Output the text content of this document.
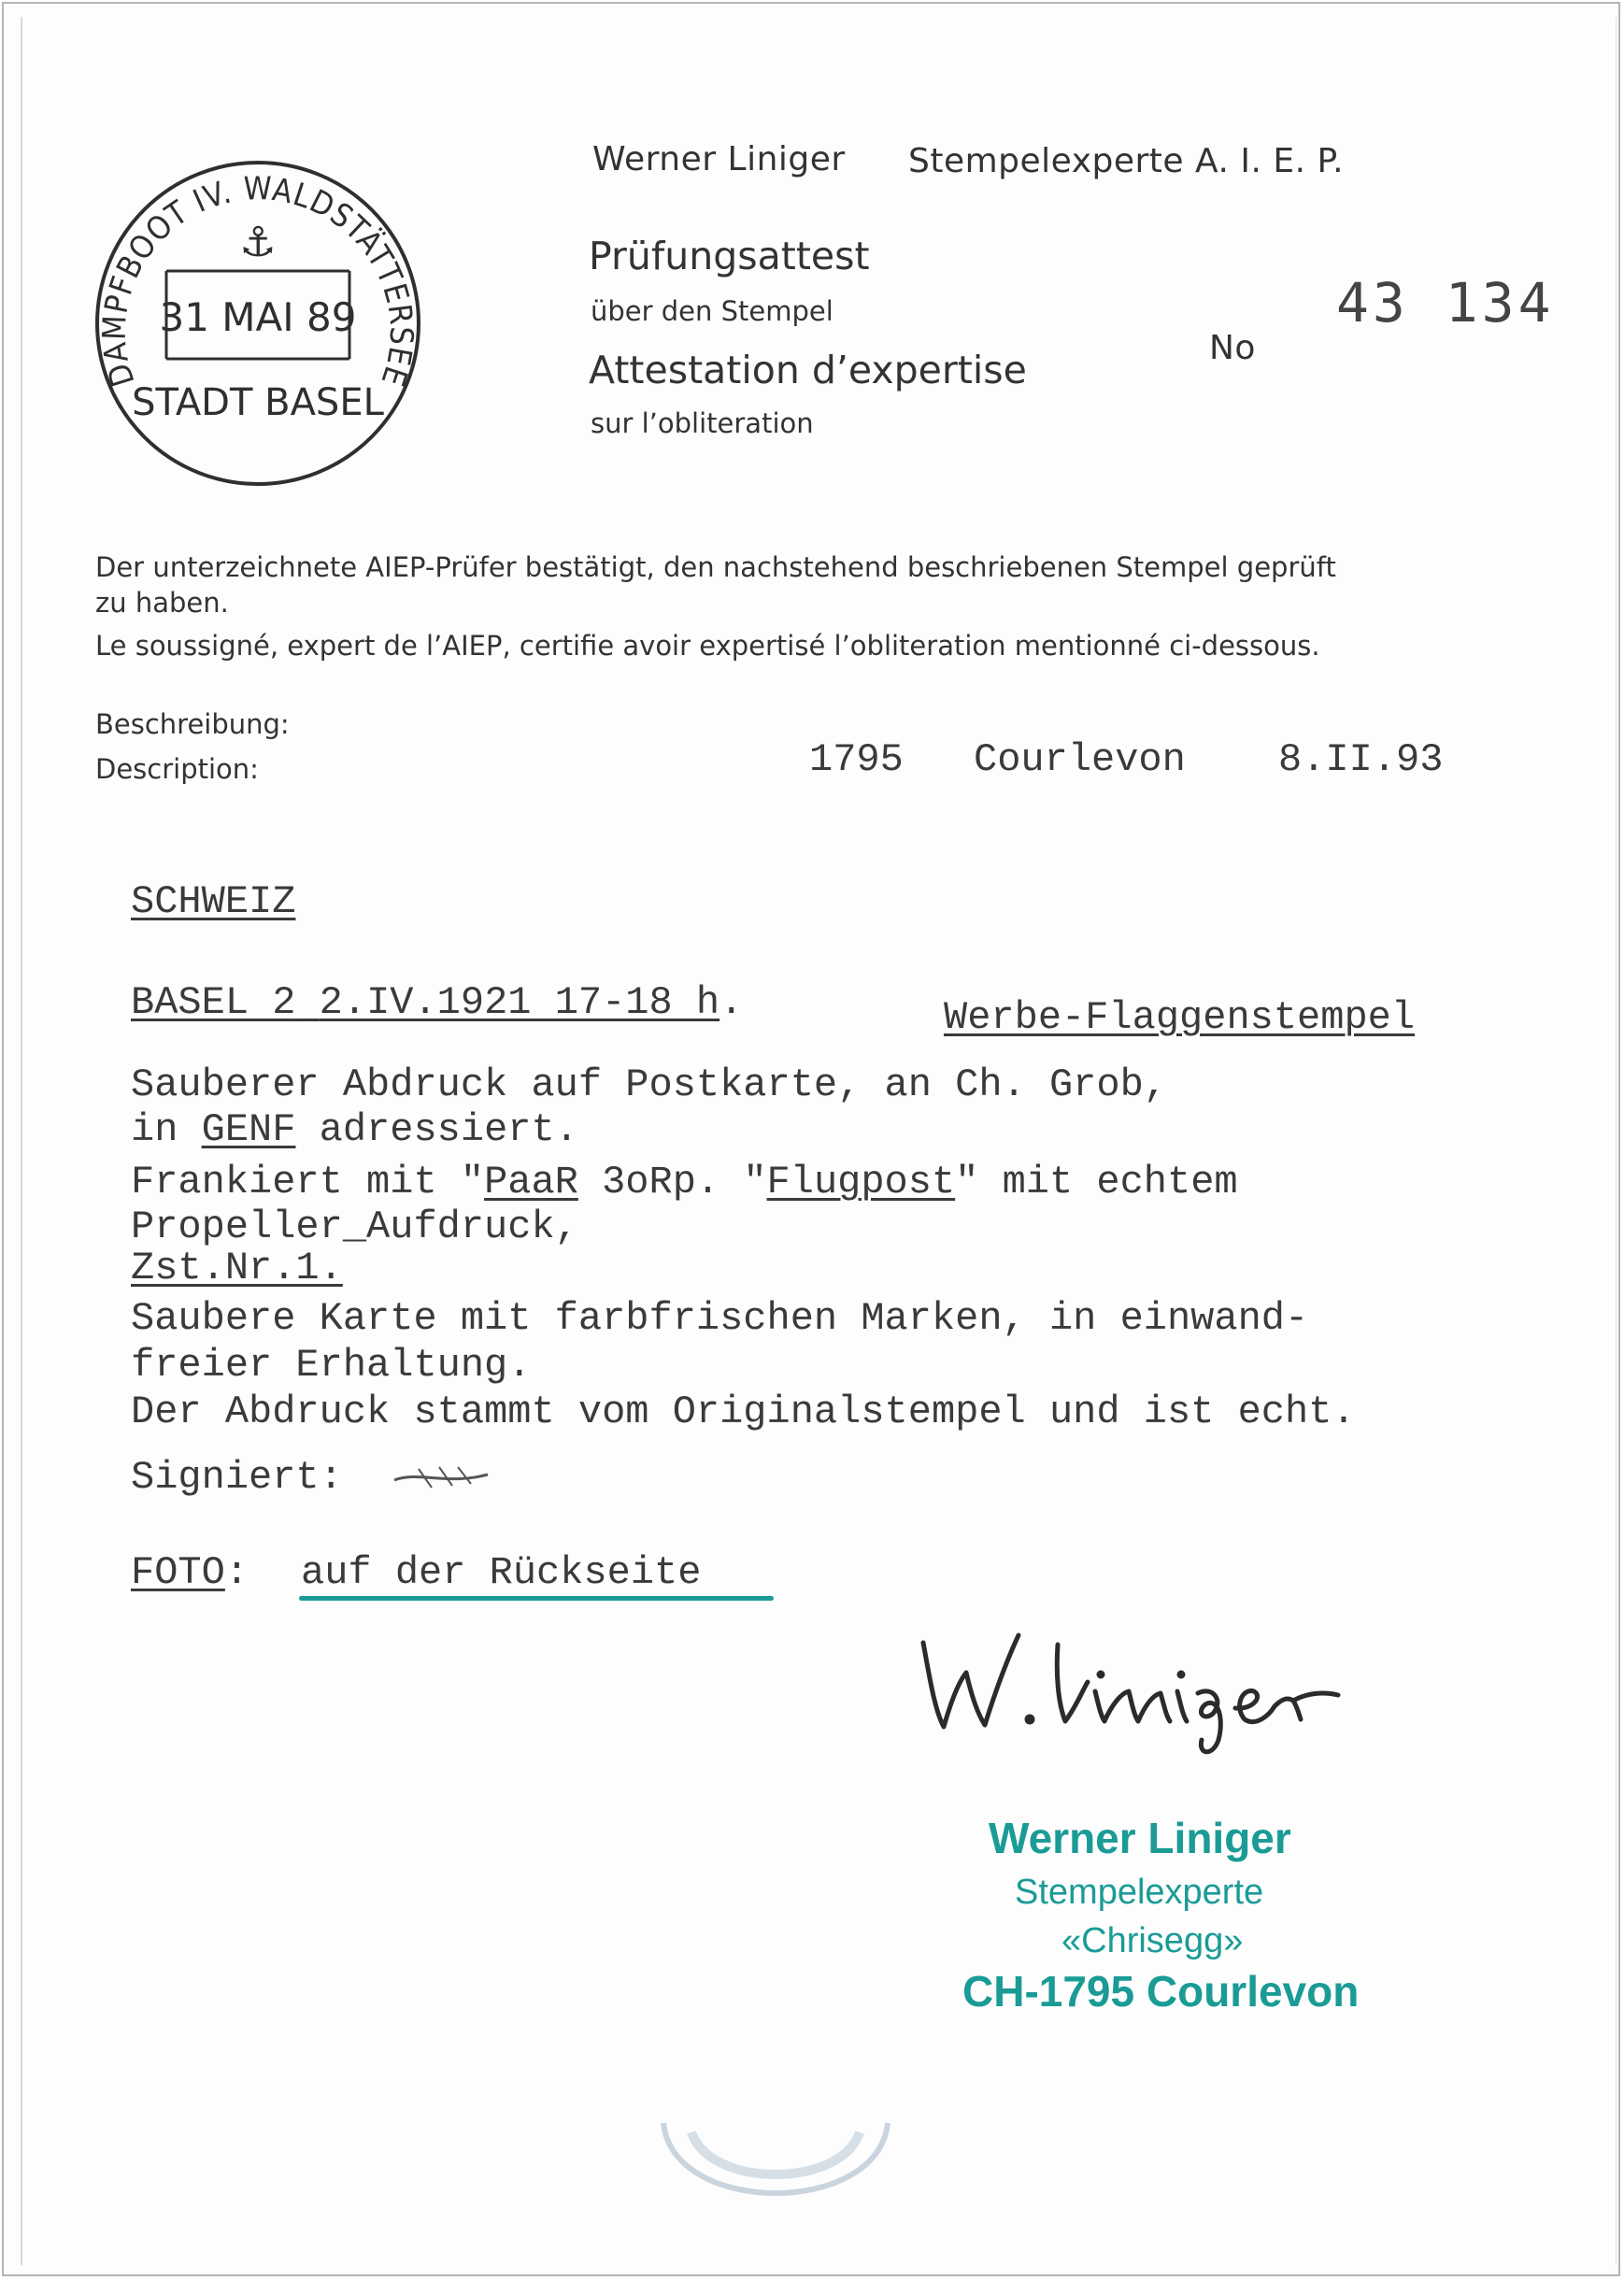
DAMPFBOOT IV. WALDSTÄTTERSEE
⚓
31 MAI 89
STADT BASEL
Werner Liniger Stempelexperte A. I. E. P.
Prüfungsattest
über den Stempel
Attestation d’expertise
sur l’obliteration
No
43 134
Der unterzeichnete AIEP-Prüfer bestätigt, den nachstehend beschriebenen Stempel geprüft
zu haben.
Le soussigné, expert de l’AIEP, certifie avoir expertisé l’obliteration mentionné ci-dessous.
Beschreibung:
Description:	1795 Courlevon 8.II.93
SCHWEIZ
BASEL 2 2.IV.1921 17-18 h.	Werbe-Flaggenstempel
Sauberer Abdruck auf Postkarte, an Ch. Grob,
in GENF adressiert.
Frankiert mit "PaaR 3oRp. "Flugpost" mit echtem
Propeller_Aufdruck,
Zst.Nr.1.
Saubere Karte mit farbfrischen Marken, in einwand-
freier Erhaltung.
Der Abdruck stammt vom Originalstempel und ist echt.
Signiert:
FOTO: auf der Rückseite
Werner Liniger
Stempelexperte
«Chrisegg»
CH-1795 Courlevon
